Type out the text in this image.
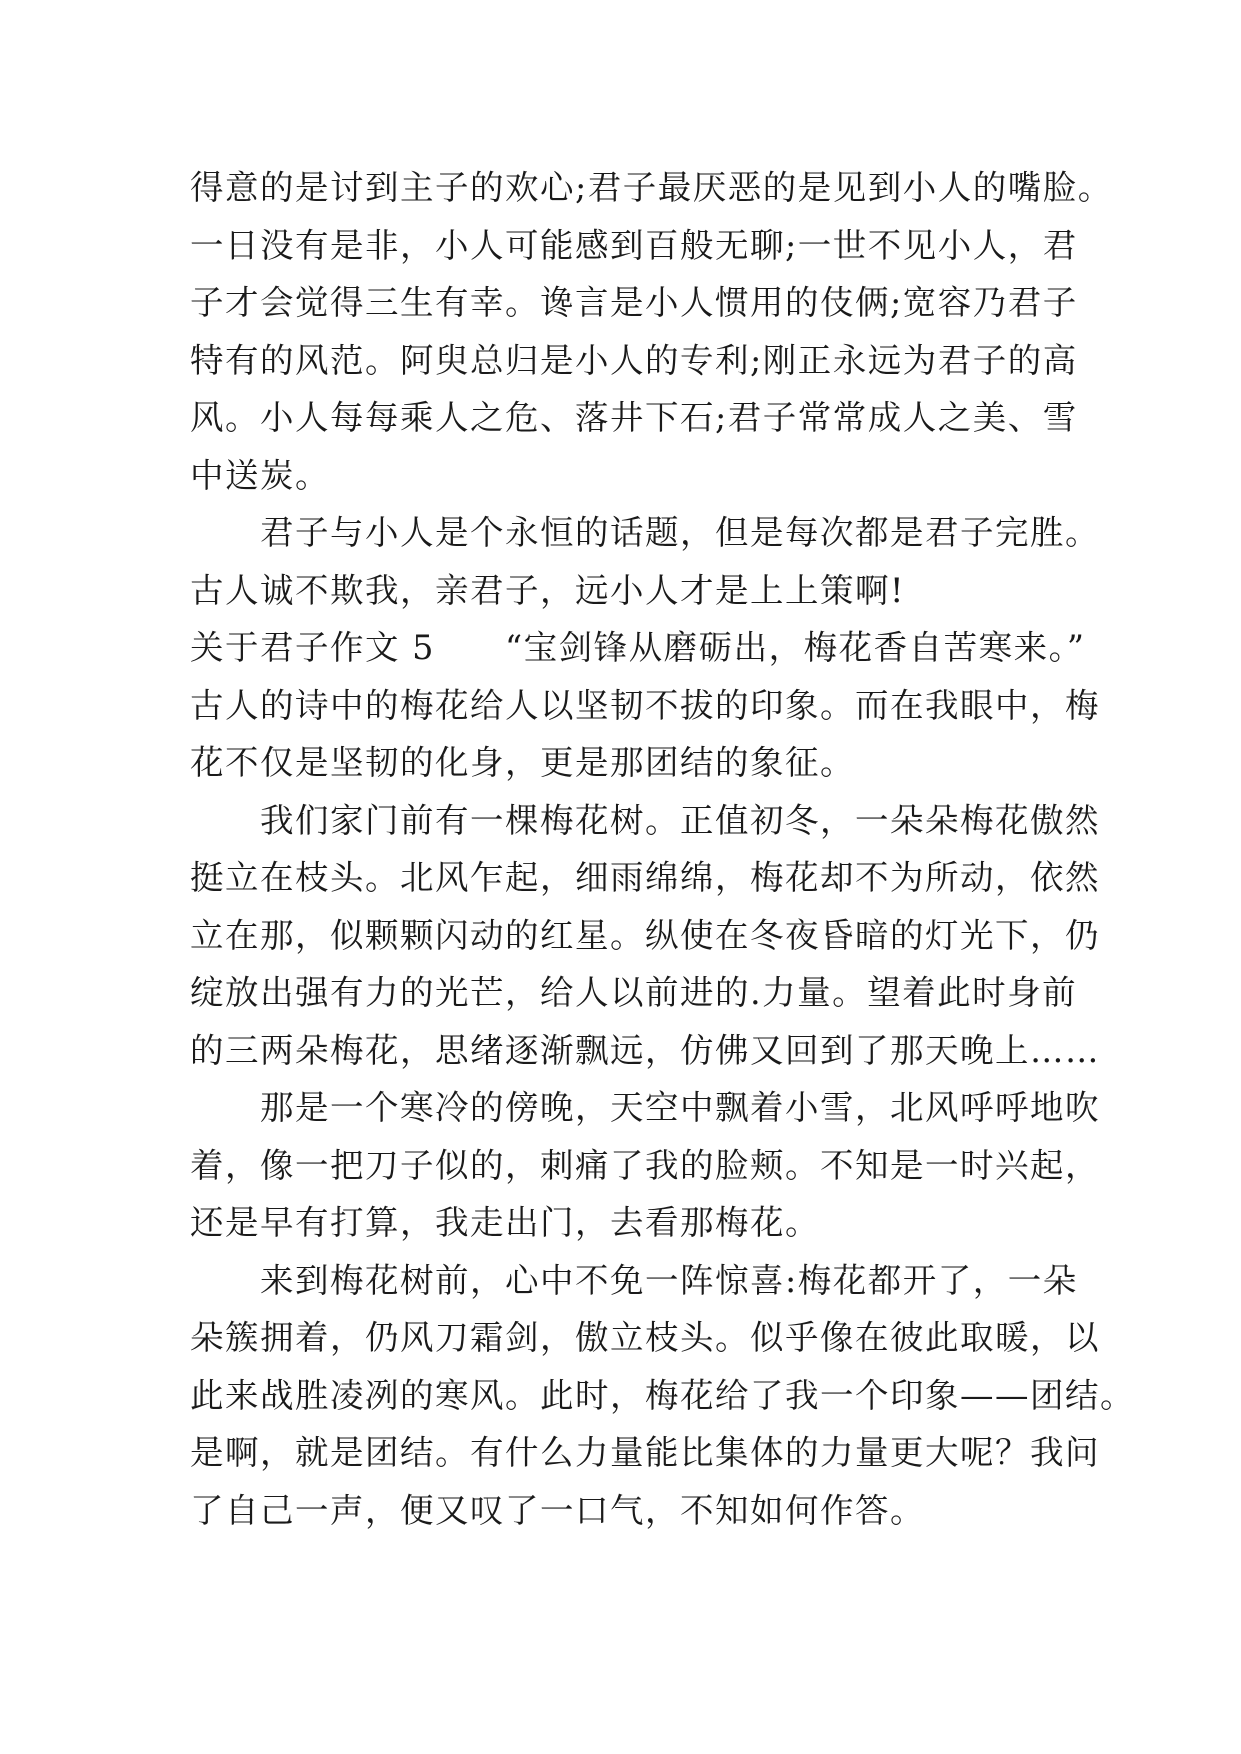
得意的是讨到主子的欢心;君子最厌恶的是见到小人的嘴脸。
一日没有是非，小人可能感到百般无聊;一世不见小人，君
子才会觉得三生有幸。谗言是小人惯用的伎俩;宽容乃君子
特有的风范。阿臾总归是小人的专利;刚正永远为君子的高
风。小人每每乘人之危、落井下石;君子常常成人之美、雪
中送炭。
　　君子与小人是个永恒的话题，但是每次都是君子完胜。
古人诚不欺我，亲君子，远小人才是上上策啊!
关于君子作文 5　　“宝剑锋从磨砺出，梅花香自苦寒来。”
古人的诗中的梅花给人以坚韧不拔的印象。而在我眼中，梅
花不仅是坚韧的化身，更是那团结的象征。
　　我们家门前有一棵梅花树。正值初冬，一朵朵梅花傲然
挺立在枝头。北风乍起，细雨绵绵，梅花却不为所动，依然
立在那，似颗颗闪动的红星。纵使在冬夜昏暗的灯光下，仍
绽放出强有力的光芒，给人以前进的.力量。望着此时身前
的三两朵梅花，思绪逐渐飘远，仿佛又回到了那天晚上……
　　那是一个寒冷的傍晚，天空中飘着小雪，北风呼呼地吹
着，像一把刀子似的，刺痛了我的脸颊。不知是一时兴起，
还是早有打算，我走出门，去看那梅花。
　　来到梅花树前，心中不免一阵惊喜:梅花都开了，一朵
朵簇拥着，仍风刀霜剑，傲立枝头。似乎像在彼此取暖，以
此来战胜凌冽的寒风。此时，梅花给了我一个印象——团结。
是啊，就是团结。有什么力量能比集体的力量更大呢？我问
了自己一声，便又叹了一口气，不知如何作答。
